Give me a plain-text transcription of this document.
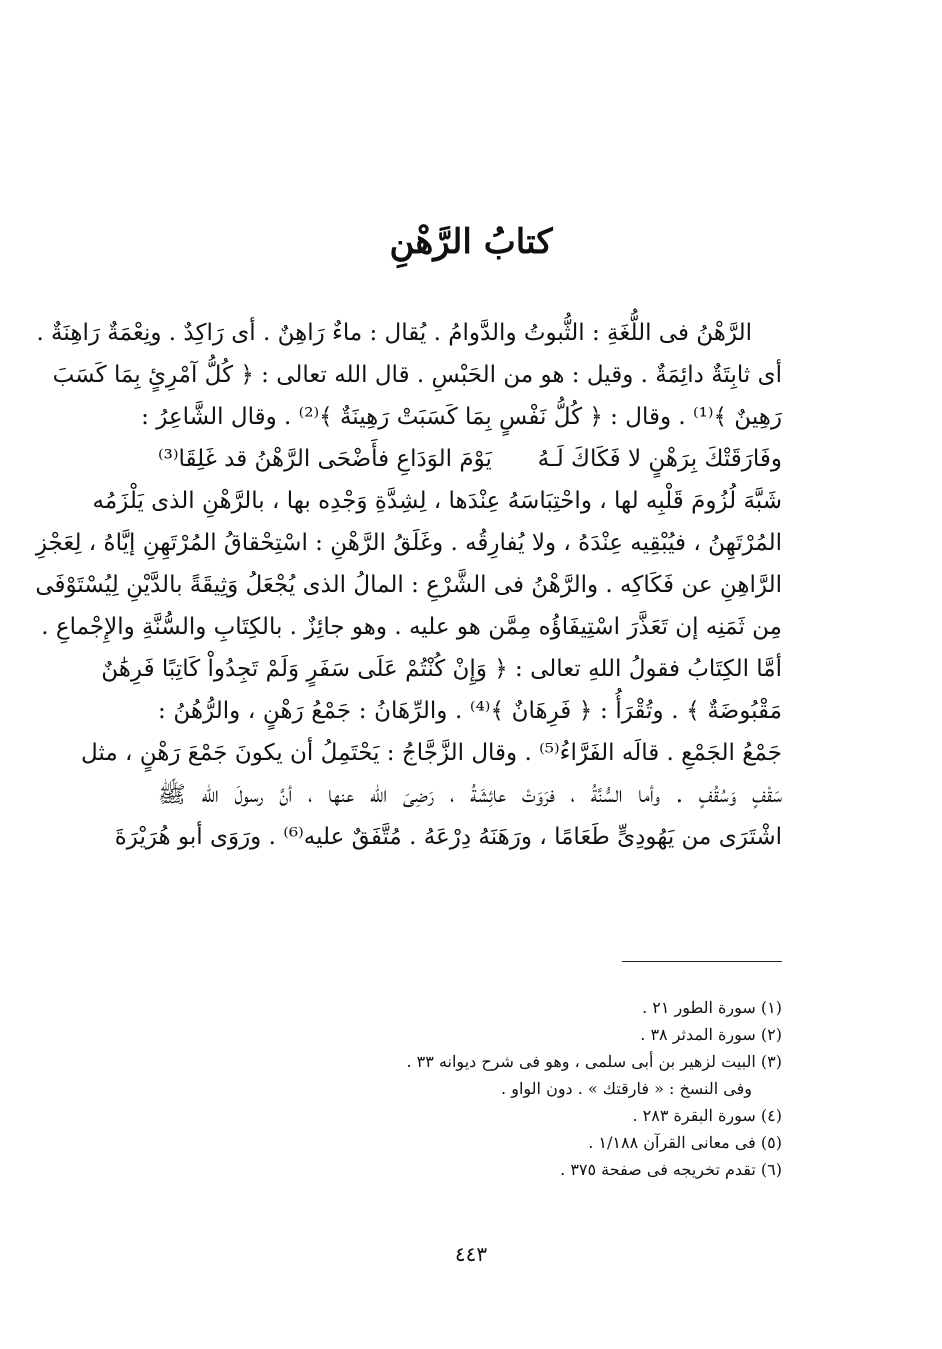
كتابُ الرَّهْنِ
الرَّهْنُ فى اللُّغَةِ : الثُّبوتُ والدَّوامُ . يُقال : ماءٌ رَاهِنٌ . أى رَاكِدٌ . ونِعْمَةٌ رَاهِنَةٌ .
أى ثابِتَةٌ دائِمَةٌ . وقيل : هو من الحَبْسِ . قال الله تعالى : ﴿ كُلُّ آمْرِئٍ بِمَا كَسَبَ
رَهِينٌ ﴾⁽¹⁾ . وقال : ﴿ كُلُّ نَفْسٍ بِمَا كَسَبَتْ رَهِينَةٌ ﴾⁽²⁾ . وقال الشَّاعِرُ :
وفَارَقَتْكَ بِرَهْنٍ لا فَكَاكَ لَـهُ
يَوْمَ الوَدَاعِ فأَضْحَى الرَّهْنُ قد غَلِقَا⁽³⁾
شَبَّهَ لُزُومَ قَلْبِه لها ، واحْتِبَاسَهُ عِنْدَها ، لِشِدَّةِ وَجْدِه بها ، بالرَّهْنِ الذى يَلْزَمُه
المُرْتَهِنُ ، فيُبْقِيه عِنْدَهُ ، ولا يُفارِقُه . وغَلَقُ الرَّهْنِ : اسْتِحْقاقُ المُرْتَهِنِ إيَّاهُ ، لِعَجْزِ
الرَّاهِنِ عن فَكَاكِه . والرَّهْنُ فى الشَّرْعِ : المالُ الذى يُجْعَلُ وَثِيقَةً بالدَّيْنِ لِيُسْتَوْفَى
مِن ثَمَنِه إن تَعَذَّرَ اسْتِيفَاؤُه مِمَّن هو عليه . وهو جائِزٌ . بالكِتَابِ والسُّنَّةِ والإِجْماعِ .
أمَّا الكِتَابُ فقولُ اللهِ تعالى : ﴿ وَإِنْ كُنْتُمْ عَلَى سَفَرٍ وَلَمْ تَجِدُواْ كَاتِبًا فَرِهَٰنٌ
مَقْبُوضَةٌ ﴾ . وتُقْرَأُ : ﴿ فَرِهَانٌ ﴾⁽⁴⁾ . والرِّهَانُ : جَمْعُ رَهْنٍ ، والرُّهُنُ :
جَمْعُ الجَمْعِ . قالَه الفَرَّاءُ⁽⁵⁾ . وقال الزَّجَّاجُ : يَحْتَمِلُ أن يكونَ جَمْعَ رَهْنٍ ، مثل
سَقْفٍ وَسُقُفٍ . وأما السُّنَّةُ ، فرَوَتْ عائِشَةُ ، رَضِىَ الله عنها ، أنَّ رسولَ الله ﷺ
اشْتَرَى من يَهُودِىٍّ طَعَامًا ، ورَهَنَهُ دِرْعَهُ . مُتَّفَقٌ عليه⁽⁶⁾ . ورَوَى أبو هُرَيْرَةَ
(١) سورة الطور ٢١ .
(٢) سورة المدثر ٣٨ .
(٣) البيت لزهير بن أبى سلمى ، وهو فى شرح ديوانه ٣٣ .
وفى النسخ : « فارقتك » . دون الواو .
(٤) سورة البقرة ٢٨٣ .
(٥) فى معانى القرآن ١/١٨٨ .
(٦) تقدم تخريجه فى صفحة ٣٧٥ .
٤٤٣
